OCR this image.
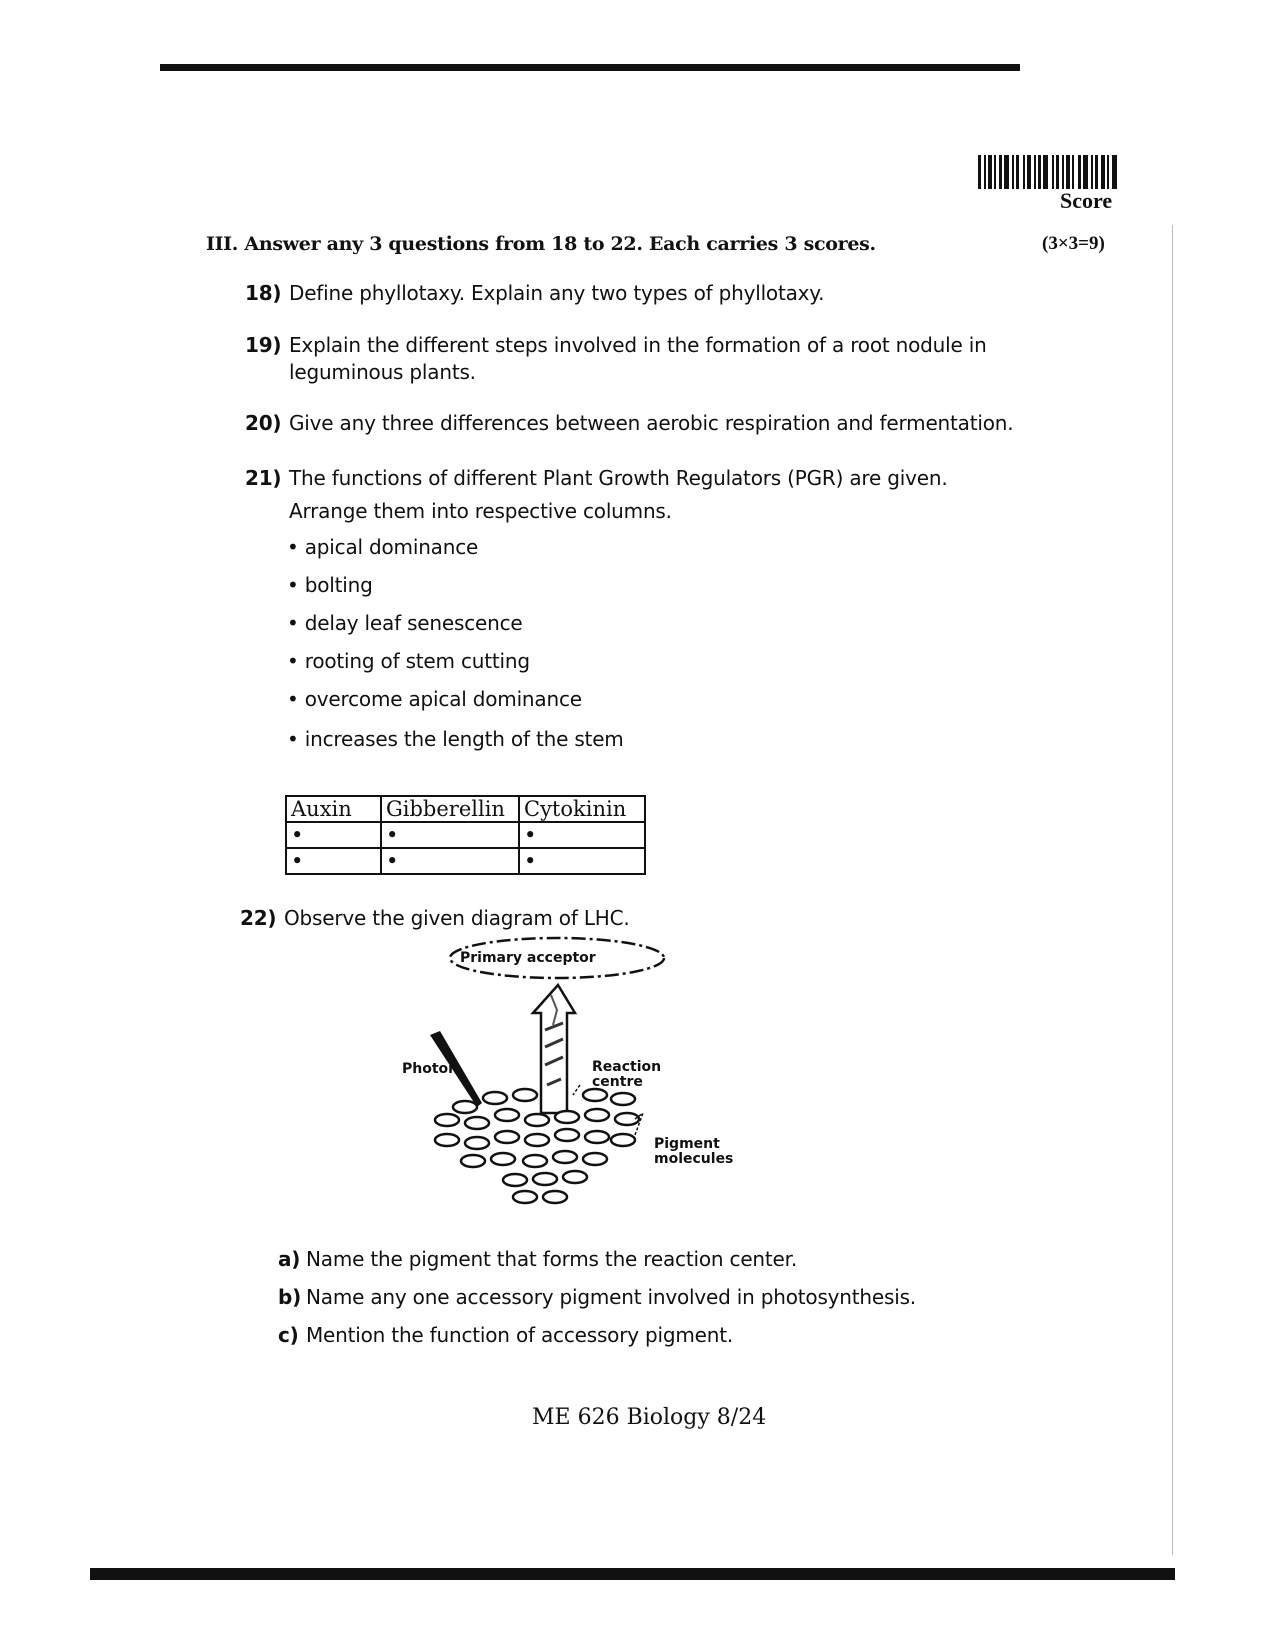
Score
(3×3=9)
III. Answer any 3 questions from 18 to 22. Each carries 3 scores.
18) Define phyllotaxy. Explain any two types of phyllotaxy.
19) Explain the different steps involved in the formation of a root nodule in
leguminous plants.
20) Give any three differences between aerobic respiration and fermentation.
21) The functions of different Plant Growth Regulators (PGR) are given.
Arrange them into respective columns.
• apical dominance
• bolting
• delay leaf senescence
• rooting of stem cutting
• overcome apical dominance
• increases the length of the stem
Auxin	Gibberellin	Cytokinin
•	•	•
•	•	•
22) Observe the given diagram of LHC.
Primary acceptor
Photon	Reaction
centre
Pigment
molecules
a) Name the pigment that forms the reaction center.
b) Name any one accessory pigment involved in photosynthesis.
c) Mention the function of accessory pigment.
ME 626 Biology 8/24
